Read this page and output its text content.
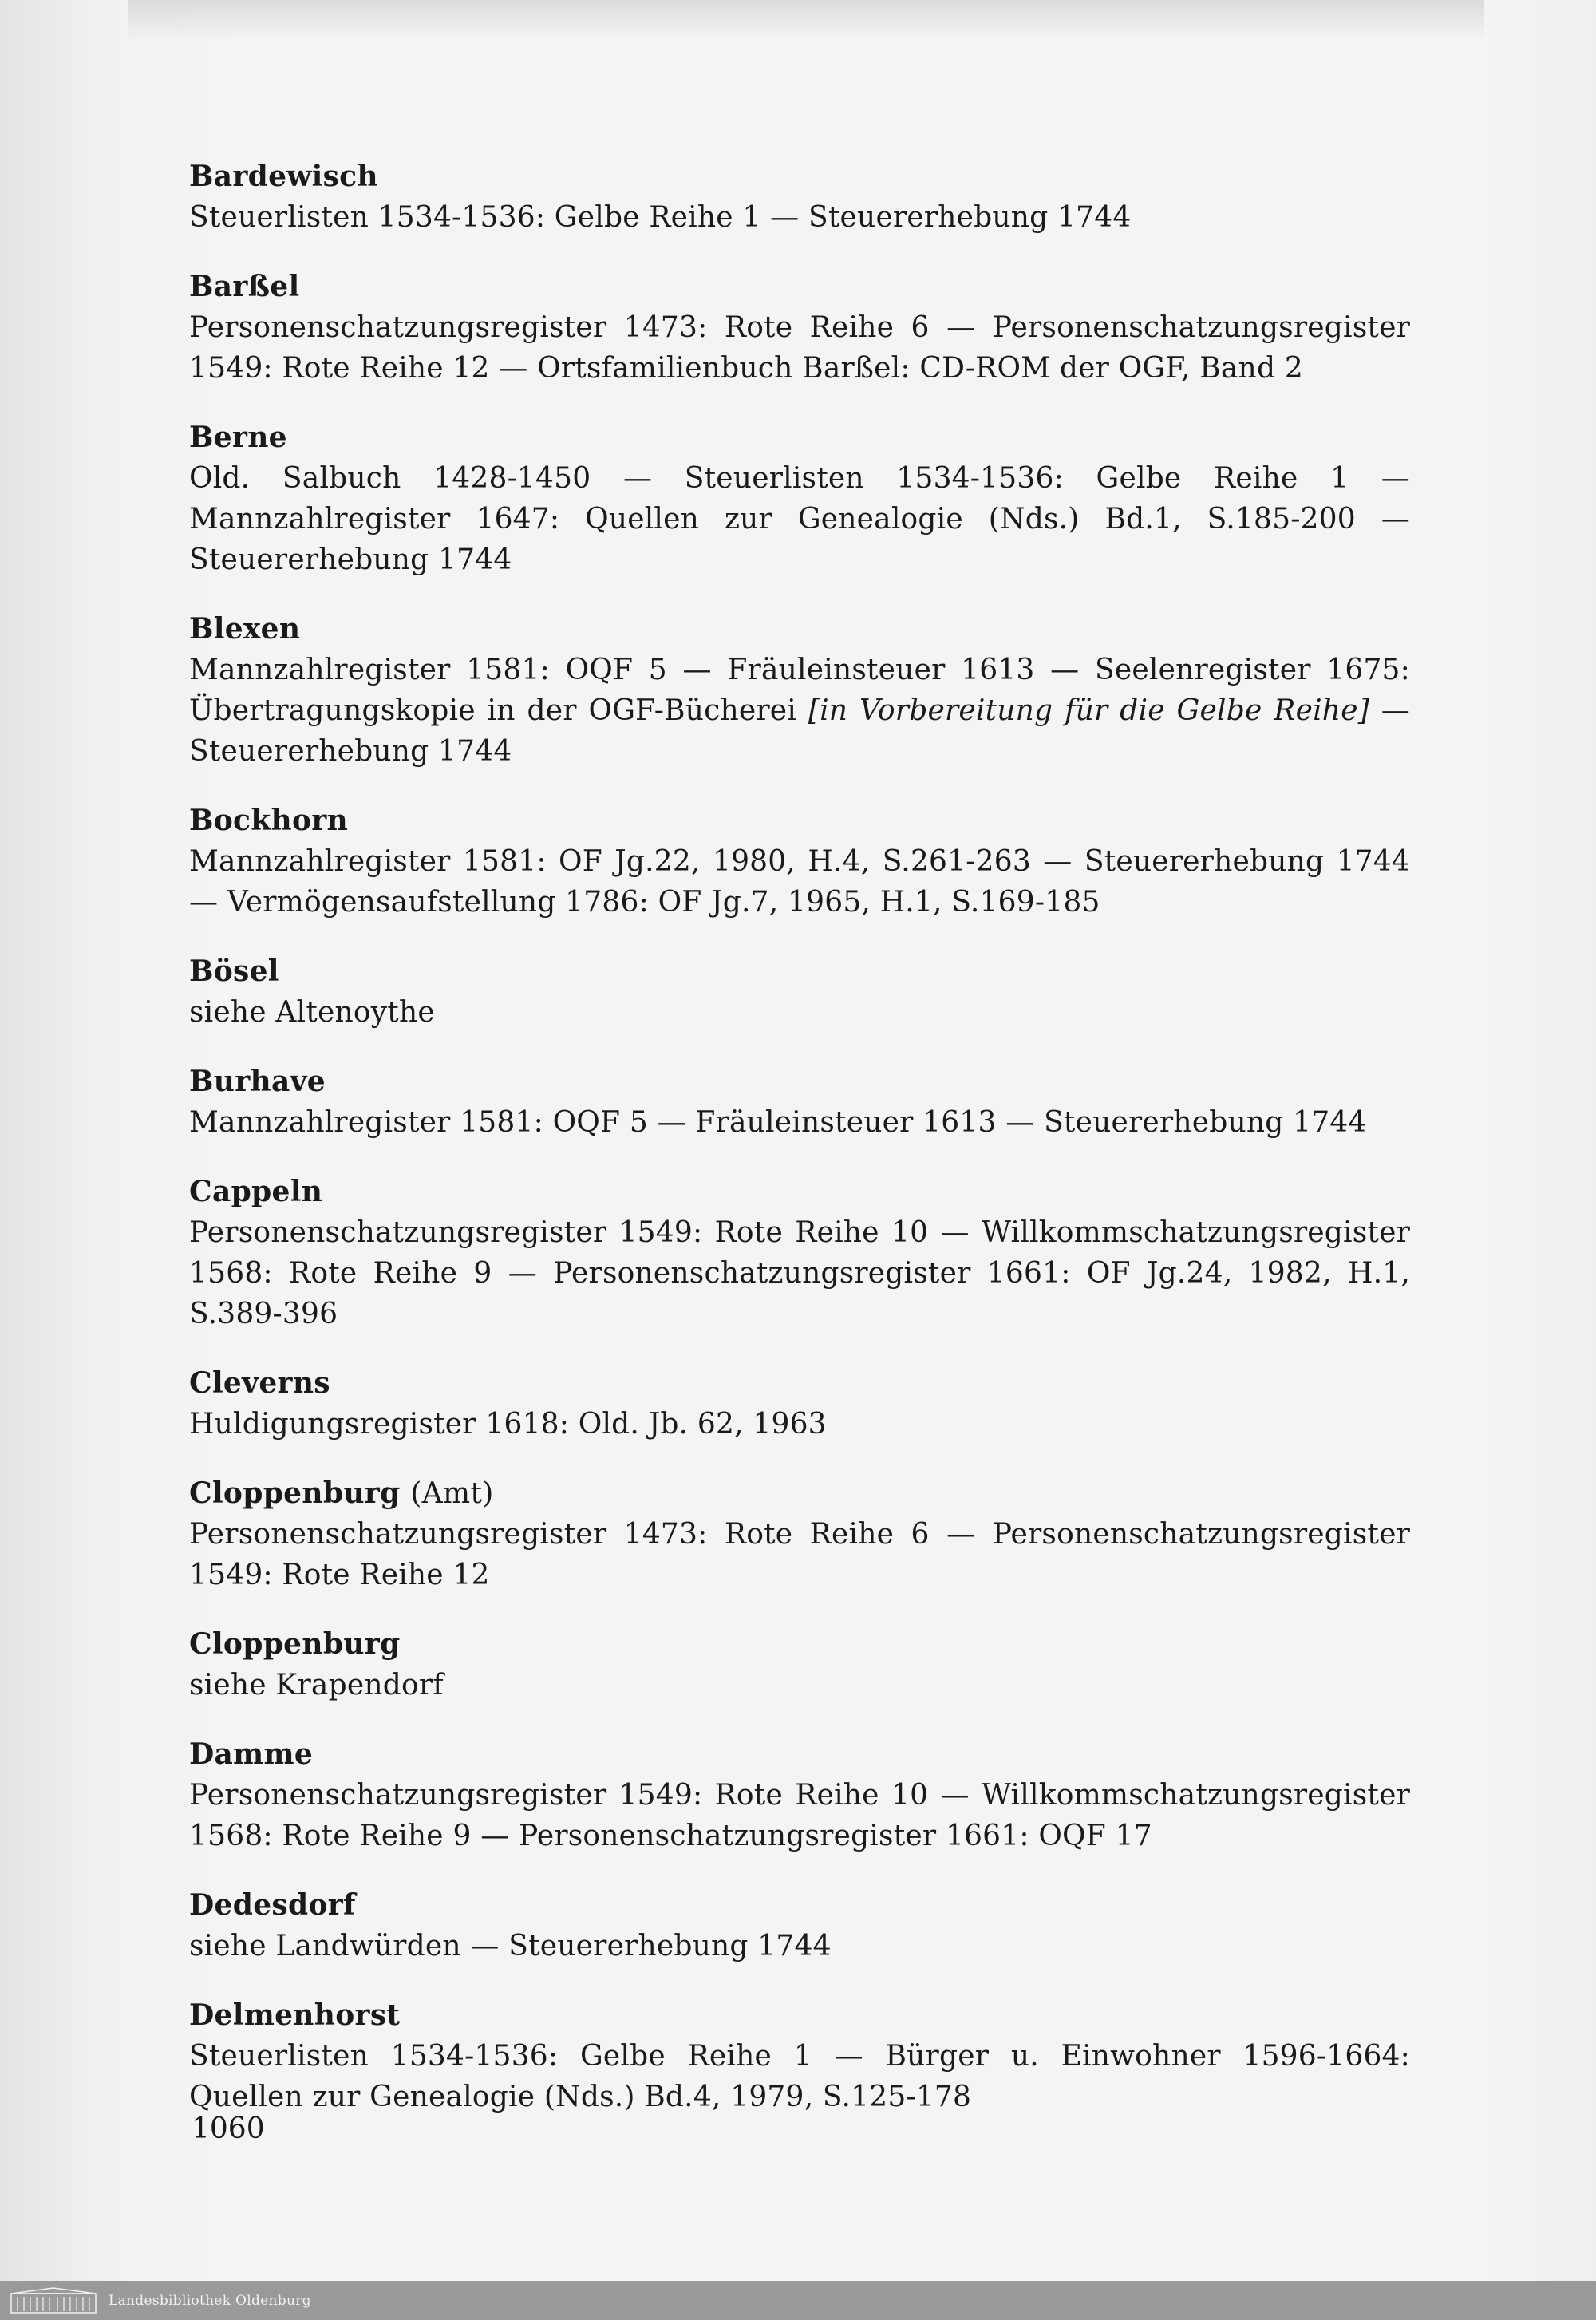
Bardewisch
Steuerlisten 1534-1536: Gelbe Reihe 1 — Steuererhebung 1744
Barßel
Personenschatzungsregister 1473: Rote Reihe 6 — Personenschatzungsregister 1549: Rote Reihe 12 — Ortsfamilienbuch Barßel: CD-ROM der OGF, Band 2
Berne
Old. Salbuch 1428-1450 — Steuerlisten 1534-1536: Gelbe Reihe 1 — Mannzahlregister 1647: Quellen zur Genealogie (Nds.) Bd.1, S.185-200 — Steuererhebung 1744
Blexen
Mannzahlregister 1581: OQF 5 — Fräuleinsteuer 1613 — Seelenregister 1675: Übertragungskopie in der OGF-Bücherei [in Vorbereitung für die Gelbe Reihe] — Steuererhebung 1744
Bockhorn
Mannzahlregister 1581: OF Jg.22, 1980, H.4, S.261-263 — Steuererhebung 1744 — Vermögensaufstellung 1786: OF Jg.7, 1965, H.1, S.169-185
Bösel
siehe Altenoythe
Burhave
Mannzahlregister 1581: OQF 5 — Fräuleinsteuer 1613 — Steuererhebung 1744
Cappeln
Personenschatzungsregister 1549: Rote Reihe 10 — Willkommschatzungsregister 1568: Rote Reihe 9 — Personenschatzungsregister 1661: OF Jg.24, 1982, H.1, S.389-396
Cleverns
Huldigungsregister 1618: Old. Jb. 62, 1963
Cloppenburg (Amt)
Personenschatzungsregister 1473: Rote Reihe 6 — Personenschatzungsregister 1549: Rote Reihe 12
Cloppenburg
siehe Krapendorf
Damme
Personenschatzungsregister 1549: Rote Reihe 10 — Willkommschatzungsregister 1568: Rote Reihe 9 — Personenschatzungsregister 1661: OQF 17
Dedesdorf
siehe Landwürden — Steuererhebung 1744
Delmenhorst
Steuerlisten 1534-1536: Gelbe Reihe 1 — Bürger u. Einwohner 1596-1664: Quellen zur Genealogie (Nds.) Bd.4, 1979, S.125-178
1060
Landesbibliothek Oldenburg
